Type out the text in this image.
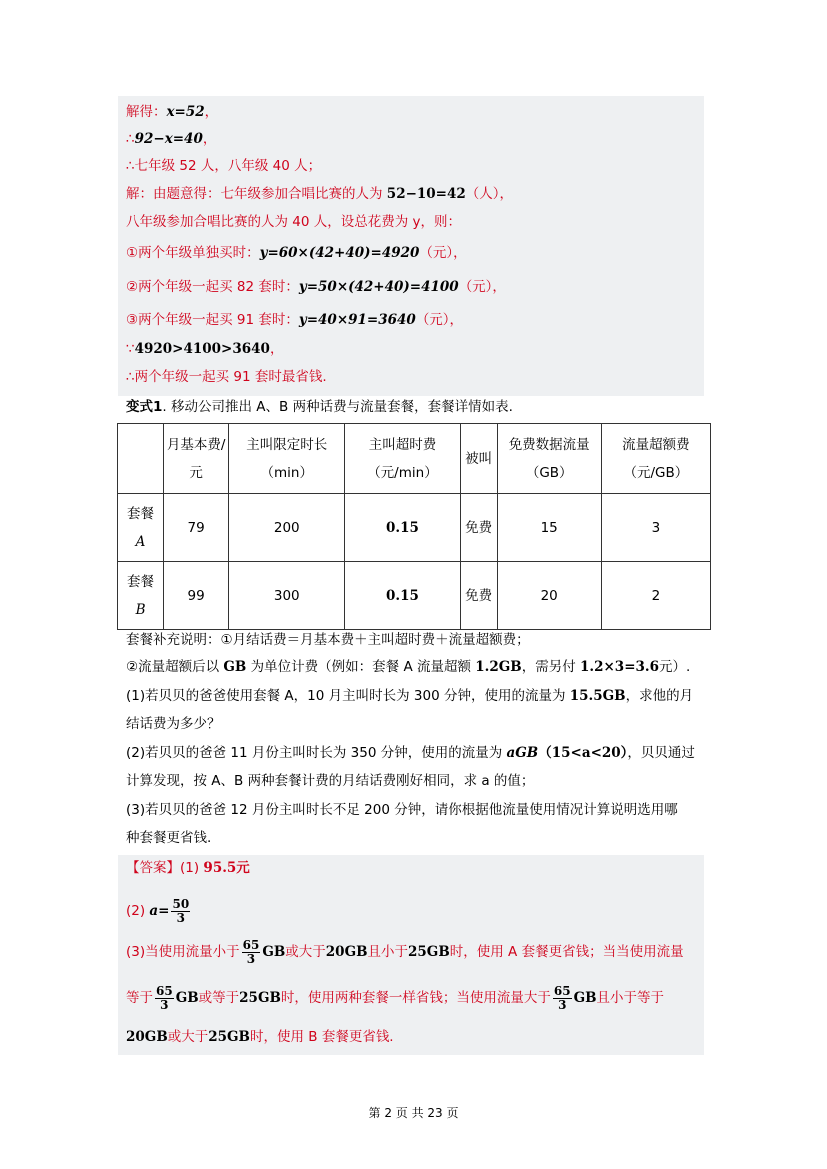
解得：x=52，
∴92−x=40，
∴七年级 52 人，八年级 40 人；
解：由题意得：七年级参加合唱比赛的人为 52−10=42（人），
八年级参加合唱比赛的人为 40 人，设总花费为 y，则：
①两个年级单独买时：y=60×(42+40)=4920（元），
②两个年级一起买 82 套时：y=50×(42+40)=4100（元），
③两个年级一起买 91 套时：y=40×91=3640（元），
∵4920>4100>3640，
∴两个年级一起买 91 套时最省钱.
变式1. 移动公司推出 A、B 两种话费与流量套餐，套餐详情如表.
	月基本费/元	主叫限定时长（min）	主叫超时费（元/min）	被叫	免费数据流量（GB）	流量超额费（元/GB）
套餐
A	79	200	0.15	免费	15	3
套餐
B	99	300	0.15	免费	20	2
套餐补充说明：①月结话费＝月基本费＋主叫超时费＋流量超额费；
②流量超额后以 GB 为单位计费（例如：套餐 A 流量超额 1.2GB，需另付 1.2×3=3.6元）.
(1)若贝贝的爸爸使用套餐 A，10 月主叫时长为 300 分钟，使用的流量为 15.5GB，求他的月
结话费为多少？
(2)若贝贝的爸爸 11 月份主叫时长为 350 分钟，使用的流量为 aGB（15<a<20），贝贝通过
计算发现，按 A、B 两种套餐计费的月结话费刚好相同，求 a 的值；
(3)若贝贝的爸爸 12 月份主叫时长不足 200 分钟，请你根据他流量使用情况计算说明选用哪
种套餐更省钱.
【答案】(1) 95.5元
(2) $a= \frac{50}{3}$
(3)当使用流量小于 $\frac{65}{3}$ GB或大于20GB且小于25GB时，使用 A 套餐更省钱；当当使用流量
等于 $\frac{65}{3}$ GB或等于25GB时，使用两种套餐一样省钱；当使用流量大于 $\frac{65}{3}$ GB且小于等于
20GB或大于25GB时，使用 B 套餐更省钱.
第 2 页 共 23 页
